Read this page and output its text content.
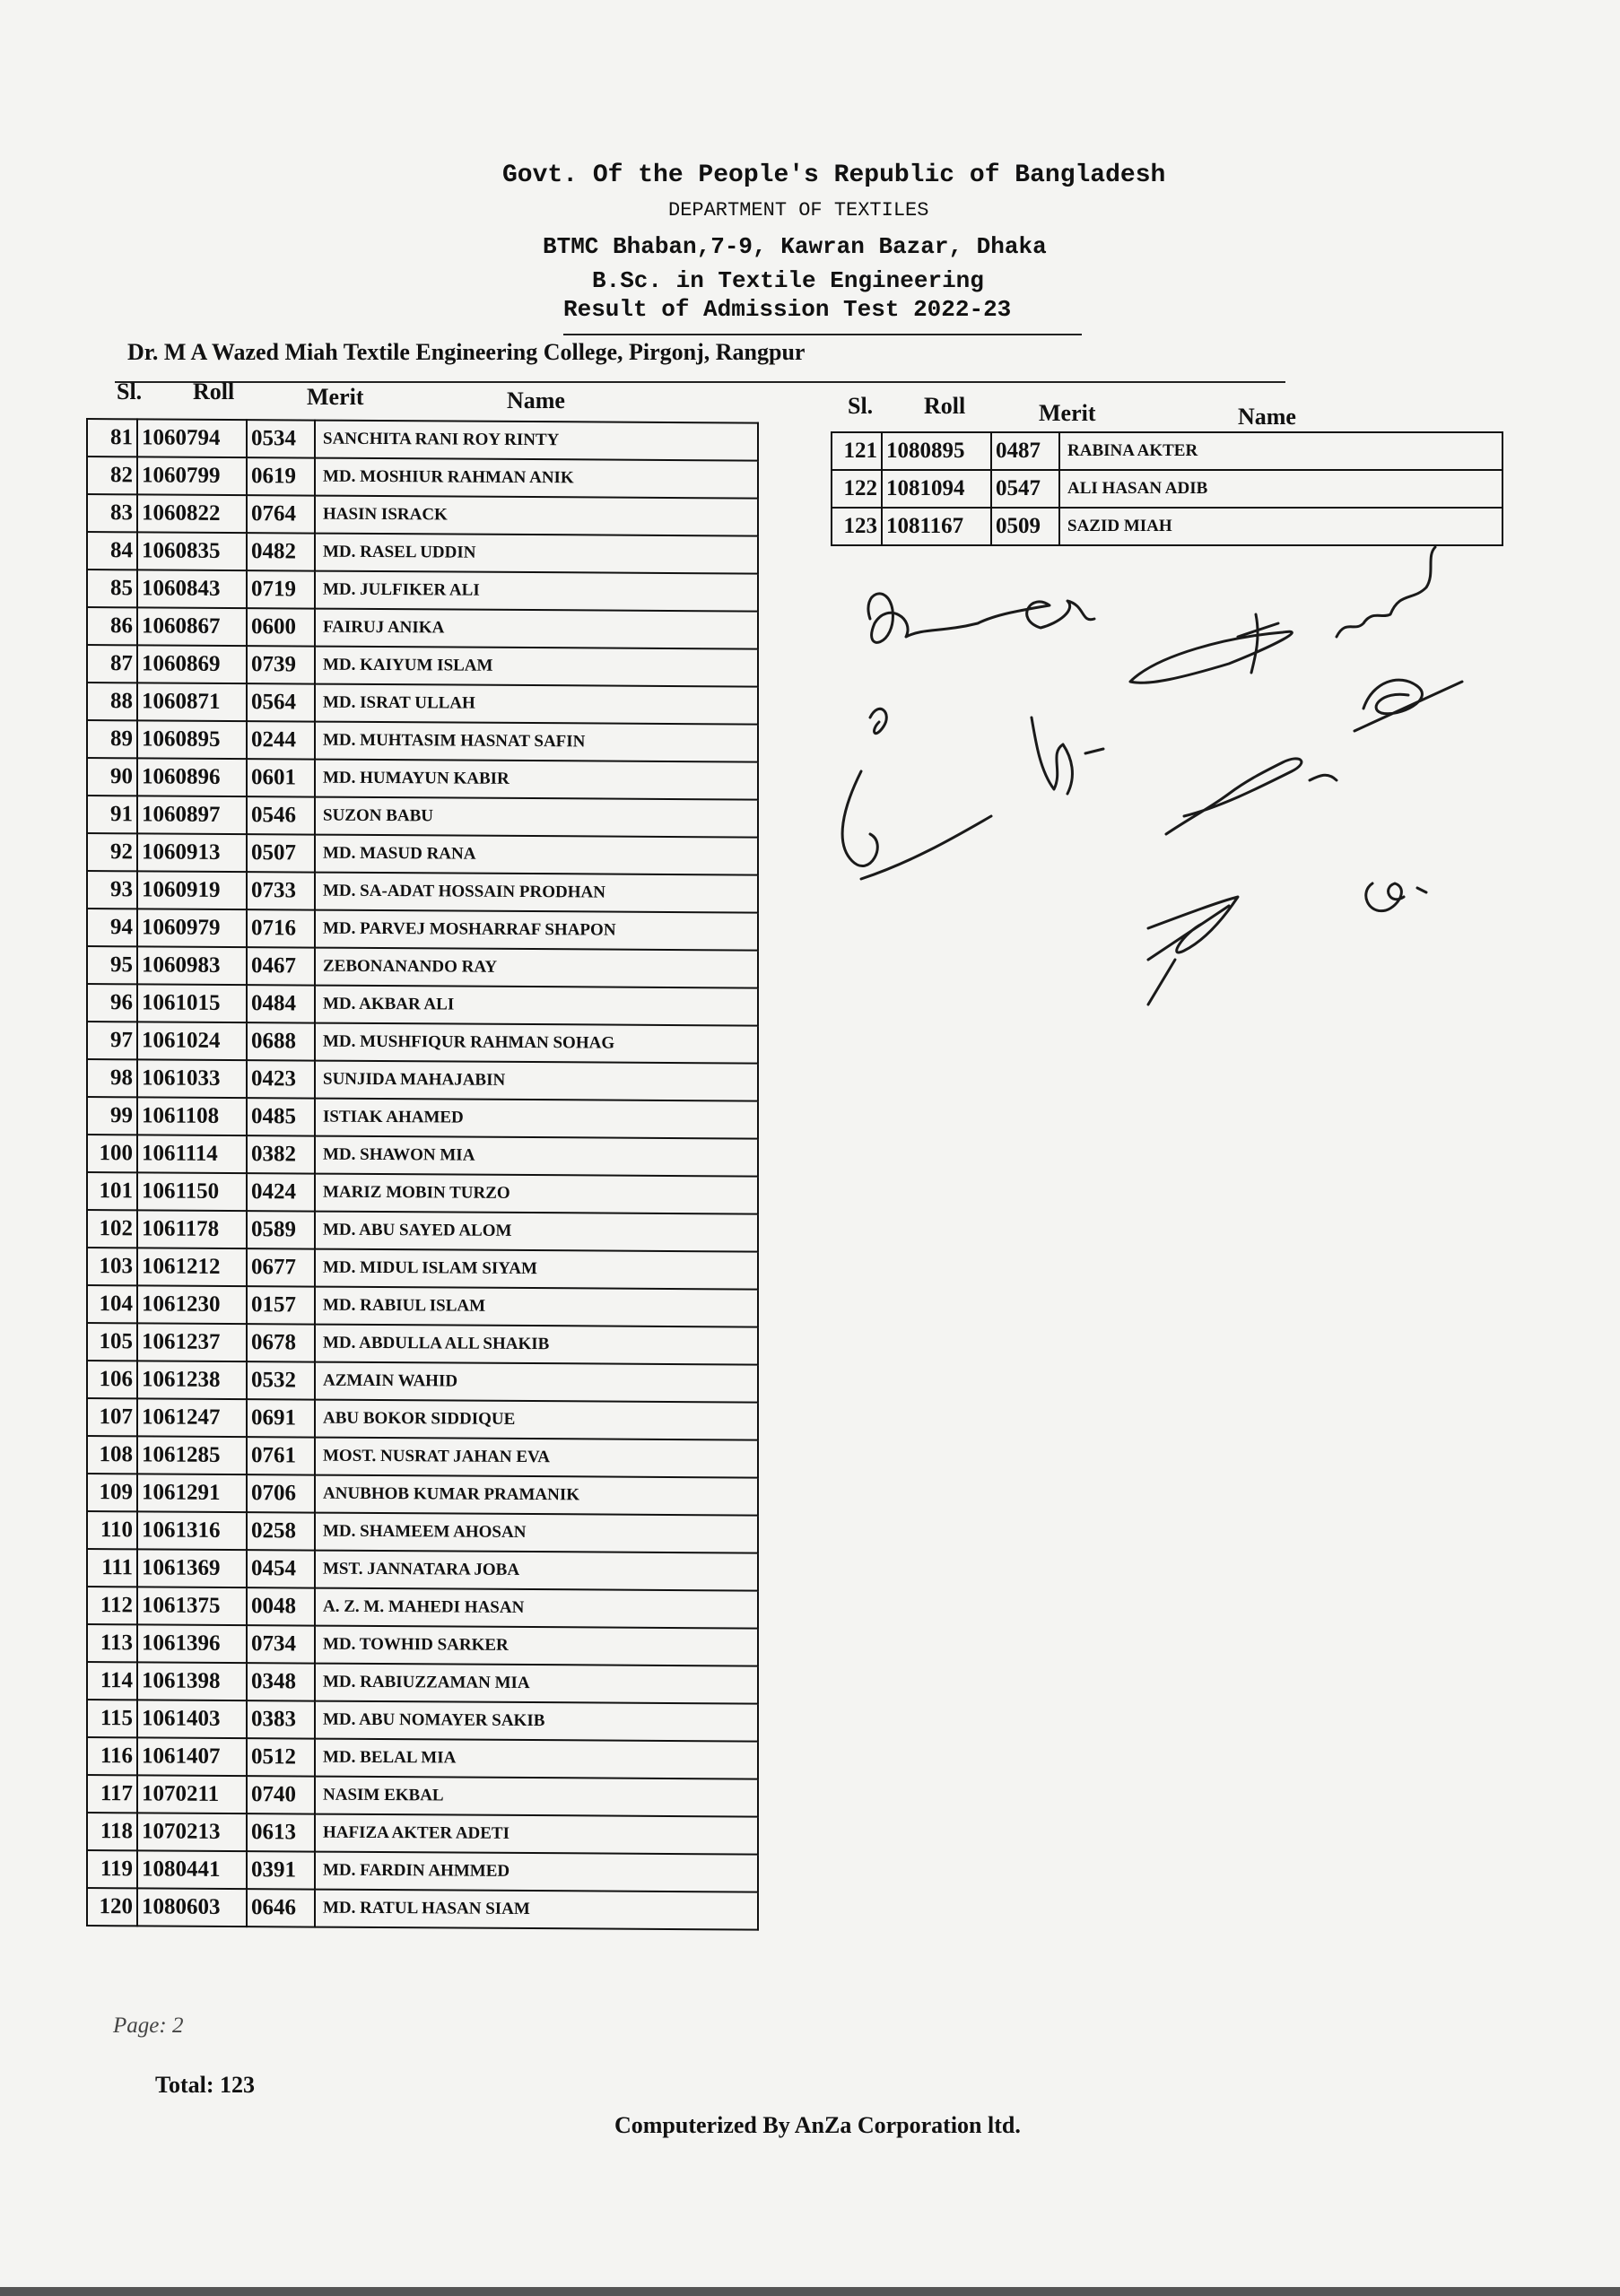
Govt. Of the People's Republic of Bangladesh
DEPARTMENT OF TEXTILES
BTMC Bhaban,7-9, Kawran Bazar, Dhaka
B.Sc. in Textile Engineering
Result of Admission Test 2022-23
Dr. M A Wazed Miah Textile Engineering College, Pirgonj, Rangpur
Sl. Roll	Merit	Name	Sl. Roll	Merit	Name
81	1060794	0534	SANCHITA RANI ROY RINTY
82	1060799	0619	MD. MOSHIUR RAHMAN ANIK
83	1060822	0764	HASIN ISRACK
84	1060835	0482	MD. RASEL UDDIN
85	1060843	0719	MD. JULFIKER ALI
86	1060867	0600	FAIRUJ ANIKA
87	1060869	0739	MD. KAIYUM ISLAM
88	1060871	0564	MD. ISRAT ULLAH
89	1060895	0244	MD. MUHTASIM HASNAT SAFIN
90	1060896	0601	MD. HUMAYUN KABIR
91	1060897	0546	SUZON BABU
92	1060913	0507	MD. MASUD RANA
93	1060919	0733	MD. SA-ADAT HOSSAIN PRODHAN
94	1060979	0716	MD. PARVEJ MOSHARRAF SHAPON
95	1060983	0467	ZEBONANANDO RAY
96	1061015	0484	MD. AKBAR ALI
97	1061024	0688	MD. MUSHFIQUR RAHMAN SOHAG
98	1061033	0423	SUNJIDA MAHAJABIN
99	1061108	0485	ISTIAK AHAMED
100	1061114	0382	MD. SHAWON MIA
101	1061150	0424	MARIZ MOBIN TURZO
102	1061178	0589	MD. ABU SAYED ALOM
103	1061212	0677	MD. MIDUL ISLAM SIYAM
104	1061230	0157	MD. RABIUL ISLAM
105	1061237	0678	MD. ABDULLA ALL SHAKIB
106	1061238	0532	AZMAIN WAHID
107	1061247	0691	ABU BOKOR SIDDIQUE
108	1061285	0761	MOST. NUSRAT JAHAN EVA
109	1061291	0706	ANUBHOB KUMAR PRAMANIK
110	1061316	0258	MD. SHAMEEM AHOSAN
111	1061369	0454	MST. JANNATARA JOBA
112	1061375	0048	A. Z. M. MAHEDI HASAN
113	1061396	0734	MD. TOWHID SARKER
114	1061398	0348	MD. RABIUZZAMAN MIA
115	1061403	0383	MD. ABU NOMAYER SAKIB
116	1061407	0512	MD. BELAL MIA
117	1070211	0740	NASIM EKBAL
118	1070213	0613	HAFIZA AKTER ADETI
119	1080441	0391	MD. FARDIN AHMMED
120	1080603	0646	MD. RATUL HASAN SIAM
121	1080895	0487	RABINA AKTER
122	1081094	0547	ALI HASAN ADIB
123	1081167	0509	SAZID MIAH
Page: 2
Total: 123
Computerized By AnZa Corporation ltd.
